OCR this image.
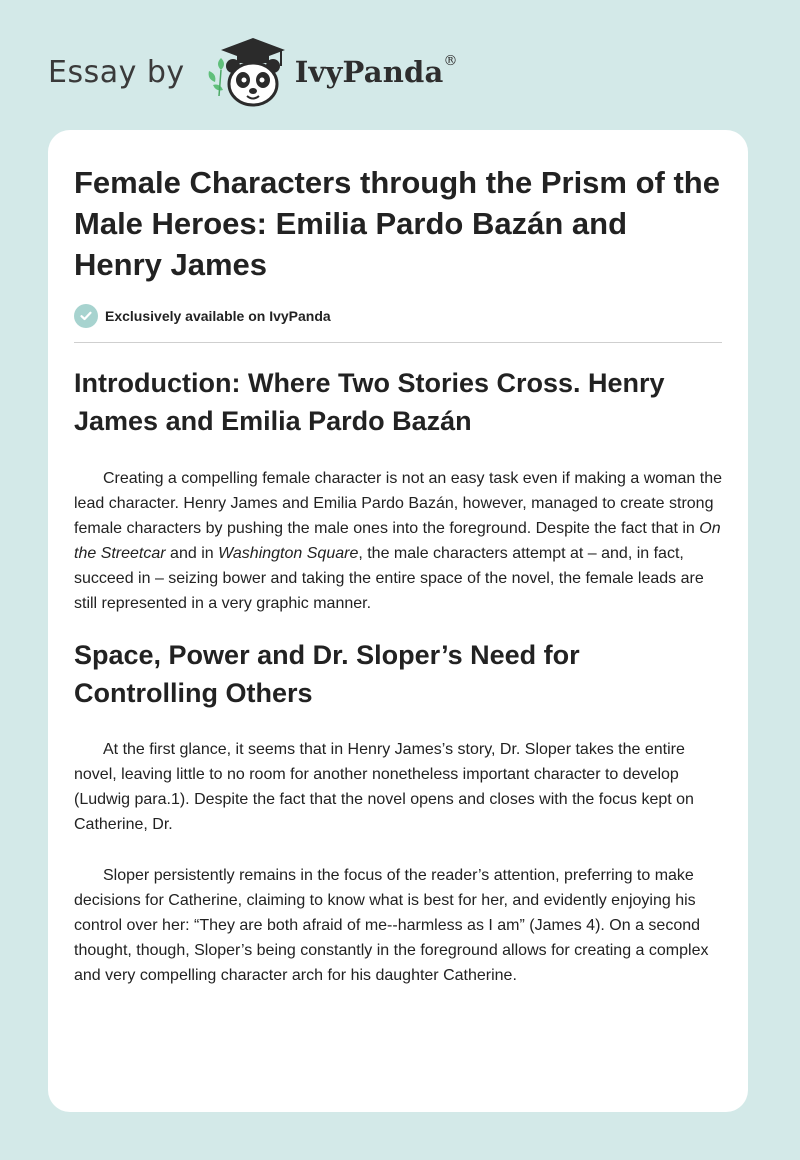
Essay by	IvyPanda®
Female Characters through the Prism of the Male Heroes: Emilia Pardo Bazán and Henry James
Exclusively available on IvyPanda
Introduction: Where Two Stories Cross. Henry James and Emilia Pardo Bazán

Creating a compelling female character is not an easy task even if making a woman the lead character. Henry James and Emilia Pardo Bazán, however, managed to create strong female characters by pushing the male ones into the foreground. Despite the fact that in On the Streetcar and in Washington Square, the male characters attempt at – and, in fact, succeed in – seizing bower and taking the entire space of the novel, the female leads are still represented in a very graphic manner.

Space, Power and Dr. Sloper’s Need for Controlling Others

At the first glance, it seems that in Henry James’s story, Dr. Sloper takes the entire novel, leaving little to no room for another nonetheless important character to develop (Ludwig para.1). Despite the fact that the novel opens and closes with the focus kept on Catherine, Dr.

Sloper persistently remains in the focus of the reader’s attention, preferring to make decisions for Catherine, claiming to know what is best for her, and evidently enjoying his control over her: “They are both afraid of me--harmless as I am” (James 4). On a second thought, though, Sloper’s being constantly in the foreground allows for creating a complex and very compelling character arch for his daughter Catherine.
